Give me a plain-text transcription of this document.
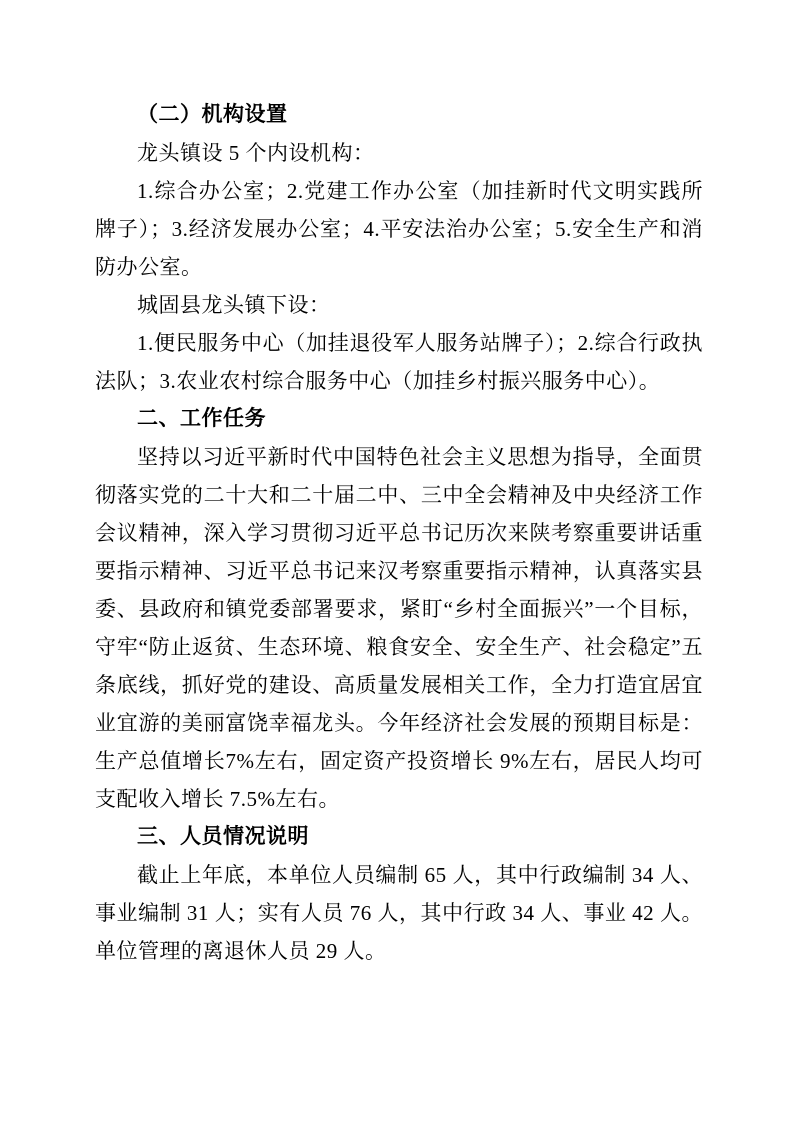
（二）机构设置

龙头镇设 5 个内设机构：

1.综合办公室；2.党建工作办公室（加挂新时代文明实践所牌子）；3.经济发展办公室；4.平安法治办公室；5.安全生产和消防办公室。

城固县龙头镇下设：

1.便民服务中心（加挂退役军人服务站牌子）；2.综合行政执法队；3.农业农村综合服务中心（加挂乡村振兴服务中心）。

二、工作任务

坚持以习近平新时代中国特色社会主义思想为指导，全面贯彻落实党的二十大和二十届二中、三中全会精神及中央经济工作会议精神，深入学习贯彻习近平总书记历次来陕考察重要讲话重要指示精神、习近平总书记来汉考察重要指示精神，认真落实县委、县政府和镇党委部署要求，紧盯“乡村全面振兴”一个目标，守牢“防止返贫、生态环境、粮食安全、安全生产、社会稳定”五条底线，抓好党的建设、高质量发展相关工作，全力打造宜居宜业宜游的美丽富饶幸福龙头。今年经济社会发展的预期目标是：生产总值增长7%左右，固定资产投资增长 9%左右，居民人均可支配收入增长 7.5%左右。

三、人员情况说明

截止上年底，本单位人员编制 65 人，其中行政编制 34 人、事业编制 31 人；实有人员 76 人，其中行政 34 人、事业 42 人。单位管理的离退休人员 29 人。
